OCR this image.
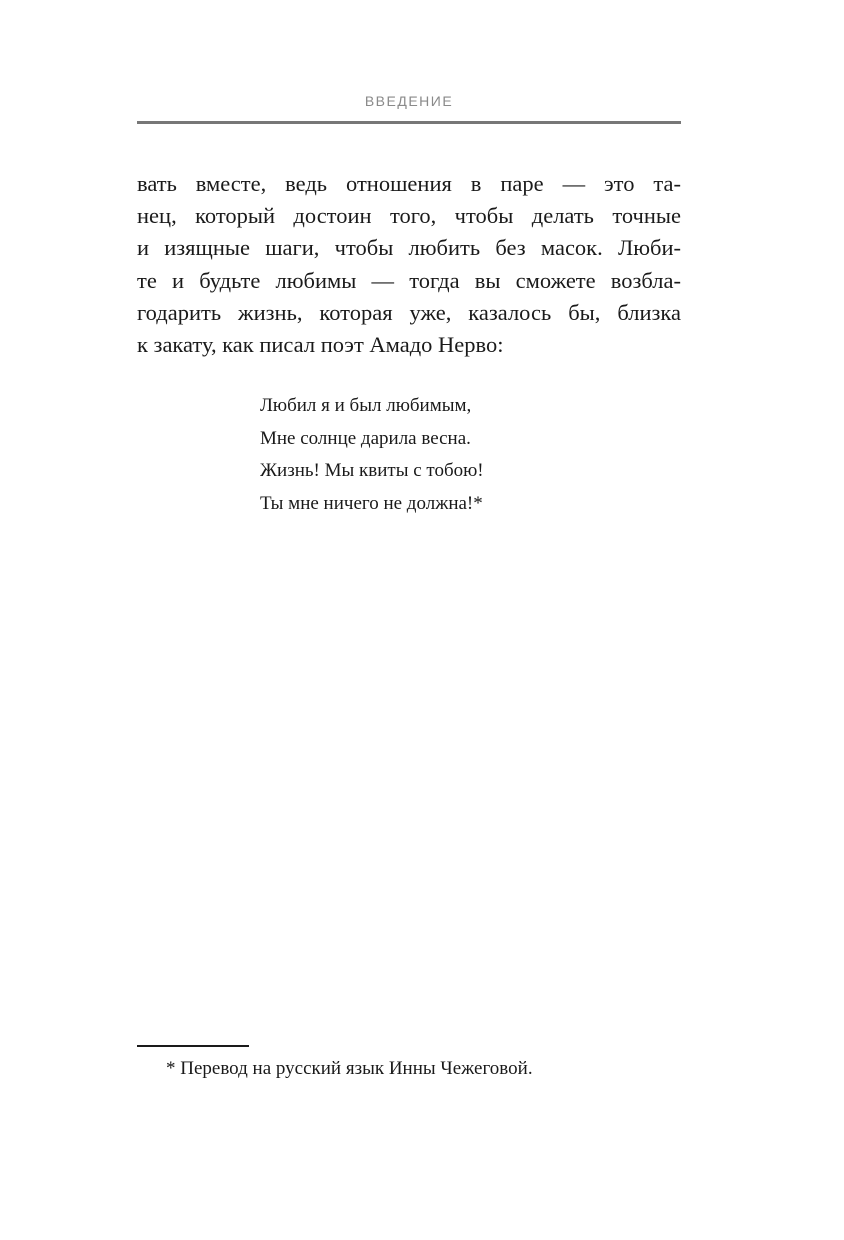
ВВЕДЕНИЕ
вать вместе, ведь отношения в паре — это та-
нец, который достоин того, чтобы делать точные
и изящные шаги, чтобы любить без масок. Люби-
те и будьте любимы — тогда вы сможете возбла-
годарить жизнь, которая уже, казалось бы, близка
к закату, как писал поэт Амадо Нерво:
Любил я и был любимым,
Мне солнце дарила весна.
Жизнь! Мы квиты с тобою!
Ты мне ничего не должна!*
* Перевод на русский язык Инны Чежеговой.
